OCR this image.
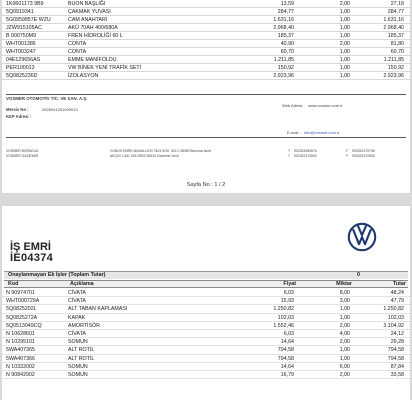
1K0601173 9B9	BUON BAŞLIĞI	13,59	2,00	27,18
5Q0919341	ÇAKMAK YUVASI	284,77	1,00	284,77
5G0959857E WZU	CAM ANAHTARI	1.631,16	1,00	1.631,16
JZW915105AC	AKÜ 70AH 400/680A	2.968,40	1,00	2.968,40
B 000750M9	FREN HİDROLİĞİ 60 L	185,37	1,00	185,37
WHT001386	CONTA	40,90	2,00	81,80
WHT003247	CONTA	60,70	1,00	60,70
04E129656AS	EMME MANİFOLDU	1.211,85	1,00	1.211,85
PER100013	VW BİNEK YENİ TRAFİK SETİ	150,92	1,00	150,92
5Q0825236D	İZOLASYON	2.923,96	1,00	2.923,96
VOSMER OTOMOTİV TİC. VE SAN. A.Ş.
Mersis No :	0925041251000013
KEP Adresi :
Web Adresi : www.vosmer.com.tr
E-mail : info@vosmer.com.tr
VOSMER BORNOVA
VOSMER GAZİEMİR
YUNUS EMRE MAHALLESİ 7523 SOK. NO:2 35080 Bornova İzmir
AKÇAY CAD. NO:250/3 35410 Gaziemir İzmir
T 902323465576
T 902322470500
F 902322470708
F 902322470505
Sayfa No : 1 / 2
İŞ EMRİ
İE04374
Onaylanmayan Ek İşler (Toplam Tutar)	0
Kod	Açıklama	Fiyat	Miktar	Tutar
N 90974701	CİVATA	6,03	8,00	48,24
WHT000729A	CİVATA	15,93	3,00	47,79
5Q0825202L	ALT TABAN KAPLAMASI	1.250,82	1,00	1.250,82
5Q0825272A	KAPAK	102,03	1,00	102,03
5Q0513049CQ	AMORTİSÖR	1.552,46	2,00	3.104,92
N 10628601	CİVATA	6,03	4,00	24,12
N 10295101	SOMUN	14,64	2,00	29,28
5WA407365	ALT ROTİL	794,58	1,00	794,58
5WA407366	ALT ROTİL	794,58	1,00	794,58
N 10332002	SOMUN	14,64	6,00	87,84
N 90842902	SOMUN	16,79	2,00	33,58
